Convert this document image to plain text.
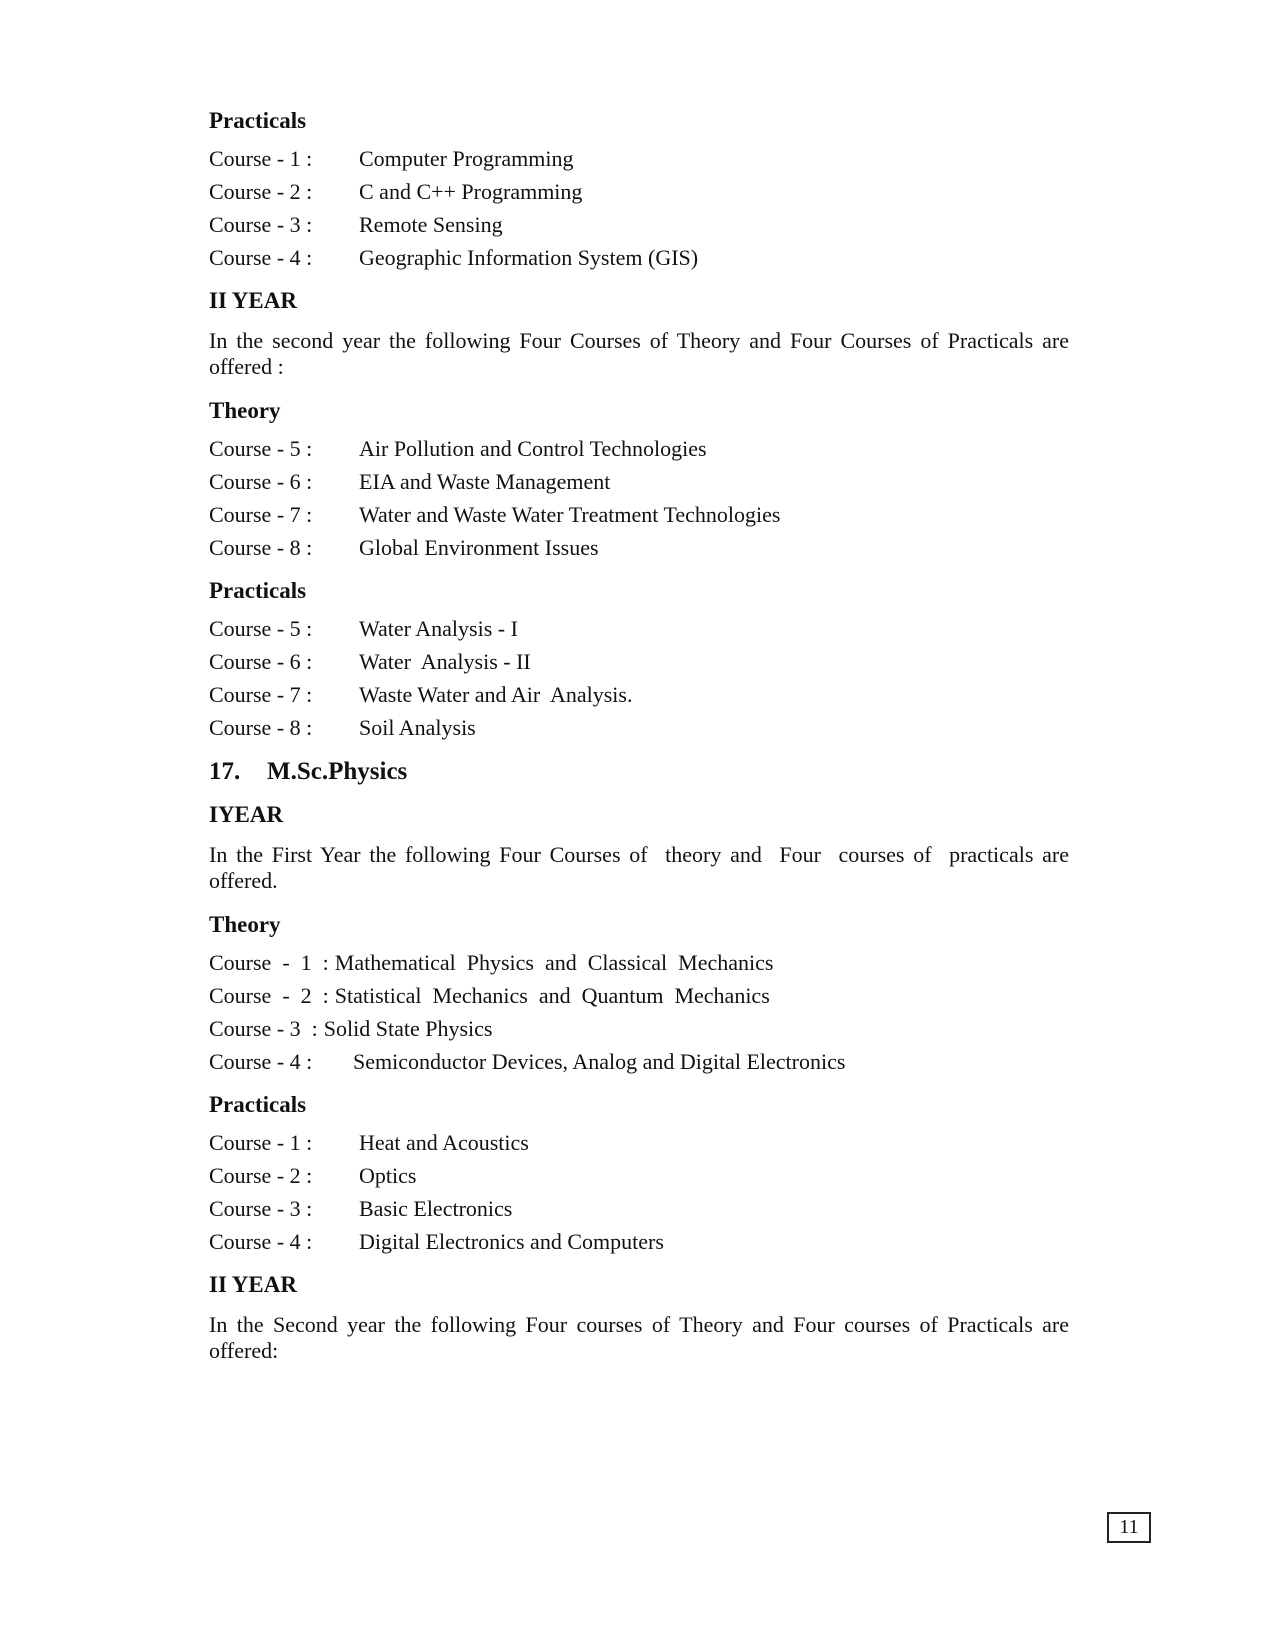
Practicals
Course - 1 :	Computer Programming
Course - 2 :	C and C++ Programming
Course - 3 :	Remote Sensing
Course - 4 :	Geographic Information System (GIS)
II YEAR

In the second year the following Four Courses of Theory and Four Courses of Practicals are offered :

Theory
Course - 5 :	Air Pollution and Control Technologies
Course - 6 :	EIA and Waste Management
Course - 7 :	Water and Waste Water Treatment Technologies
Course - 8 :	Global Environment Issues
Practicals
Course - 5 :	Water Analysis - I
Course - 6 :	Water  Analysis - II
Course - 7 :	Waste Water and Air  Analysis.
Course - 8 :	Soil Analysis
17. M.Sc.Physics
IYEAR

In the First Year the following Four Courses of  theory and  Four  courses of  practicals are offered.

Theory
Course  -  1  : Mathematical  Physics  and  Classical  Mechanics
Course  -  2  : Statistical  Mechanics  and  Quantum  Mechanics
Course - 3  : Solid State Physics
Course - 4 :	Semiconductor Devices, Analog and Digital Electronics
Practicals
Course - 1 :	Heat and Acoustics
Course - 2 :	Optics
Course - 3 :	Basic Electronics
Course - 4 :	Digital Electronics and Computers
II YEAR

In the Second year the following Four courses of Theory and Four courses of Practicals are offered:

11
